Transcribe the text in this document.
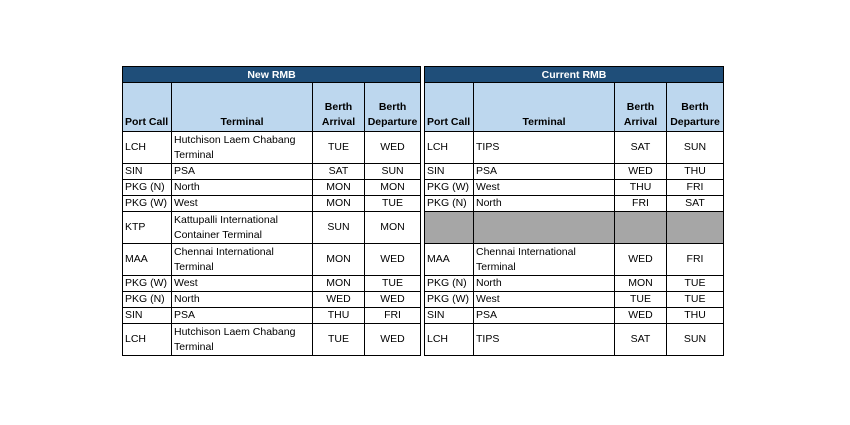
New RMB			
Port Call	Terminal	Berth Arrival	Berth Departure
LCH	Hutchison Laem Chabang Terminal	TUE	WED
SIN	PSA	SAT	SUN
PKG (N)	North	MON	MON
PKG (W)	West	MON	TUE
KTP	Kattupalli International Container Terminal	SUN	MON
MAA	Chennai International Terminal	MON	WED
PKG (W)	West	MON	TUE
PKG (N)	North	WED	WED
SIN	PSA	THU	FRI
LCH	Hutchison Laem Chabang Terminal	TUE	WED
Current RMB			
Port Call	Terminal	Berth Arrival	Berth Departure
LCH	TIPS	SAT	SUN
SIN	PSA	WED	THU
PKG (W)	West	THU	FRI
PKG (N)	North	FRI	SAT

MAA	Chennai International Terminal	WED	FRI
PKG (N)	North	MON	TUE
PKG (W)	West	TUE	TUE
SIN	PSA	WED	THU
LCH	TIPS	SAT	SUN
